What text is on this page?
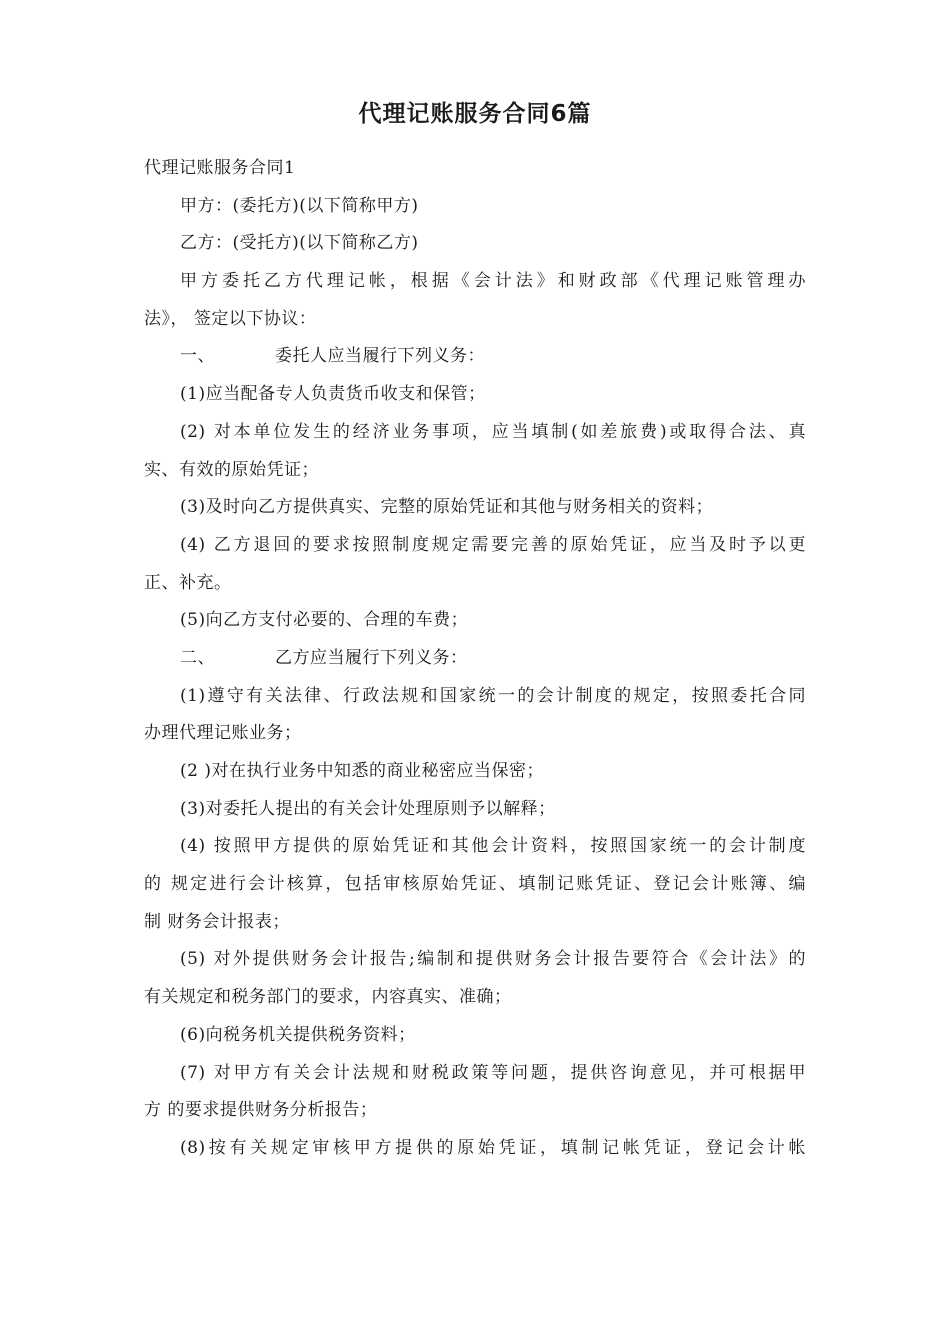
代理记账服务合同6篇
代理记账服务合同1
甲方：(委托方)(以下简称甲方)
乙方：(受托方)(以下简称乙方)
甲方委托乙方代理记帐，根据《会计法》和财政部《代理记账管理办
法》， 签定以下协议：
一、	委托人应当履行下列义务：
(1)应当配备专人负责货币收支和保管；
(2) 对本单位发生的经济业务事项，应当填制(如差旅费)或取得合法、真
实、有效的原始凭证；
(3)及时向乙方提供真实、完整的原始凭证和其他与财务相关的资料；
(4) 乙方退回的要求按照制度规定需要完善的原始凭证，应当及时予以更
正、补充。
(5)向乙方支付必要的、合理的车费；
二、	乙方应当履行下列义务：
(1)遵守有关法律、行政法规和国家统一的会计制度的规定，按照委托合同
办理代理记账业务；
(2 )对在执行业务中知悉的商业秘密应当保密；
(3)对委托人提出的有关会计处理原则予以解释；
(4) 按照甲方提供的原始凭证和其他会计资料，按照国家统一的会计制度
的 规定进行会计核算，包括审核原始凭证、填制记账凭证、登记会计账簿、编
制 财务会计报表；
(5) 对外提供财务会计报告;编制和提供财务会计报告要符合《会计法》的
有关规定和税务部门的要求，内容真实、准确；
(6)向税务机关提供税务资料；
(7) 对甲方有关会计法规和财税政策等问题，提供咨询意见，并可根据甲
方 的要求提供财务分析报告；
(8)按有关规定审核甲方提供的原始凭证，填制记帐凭证，登记会计帐
